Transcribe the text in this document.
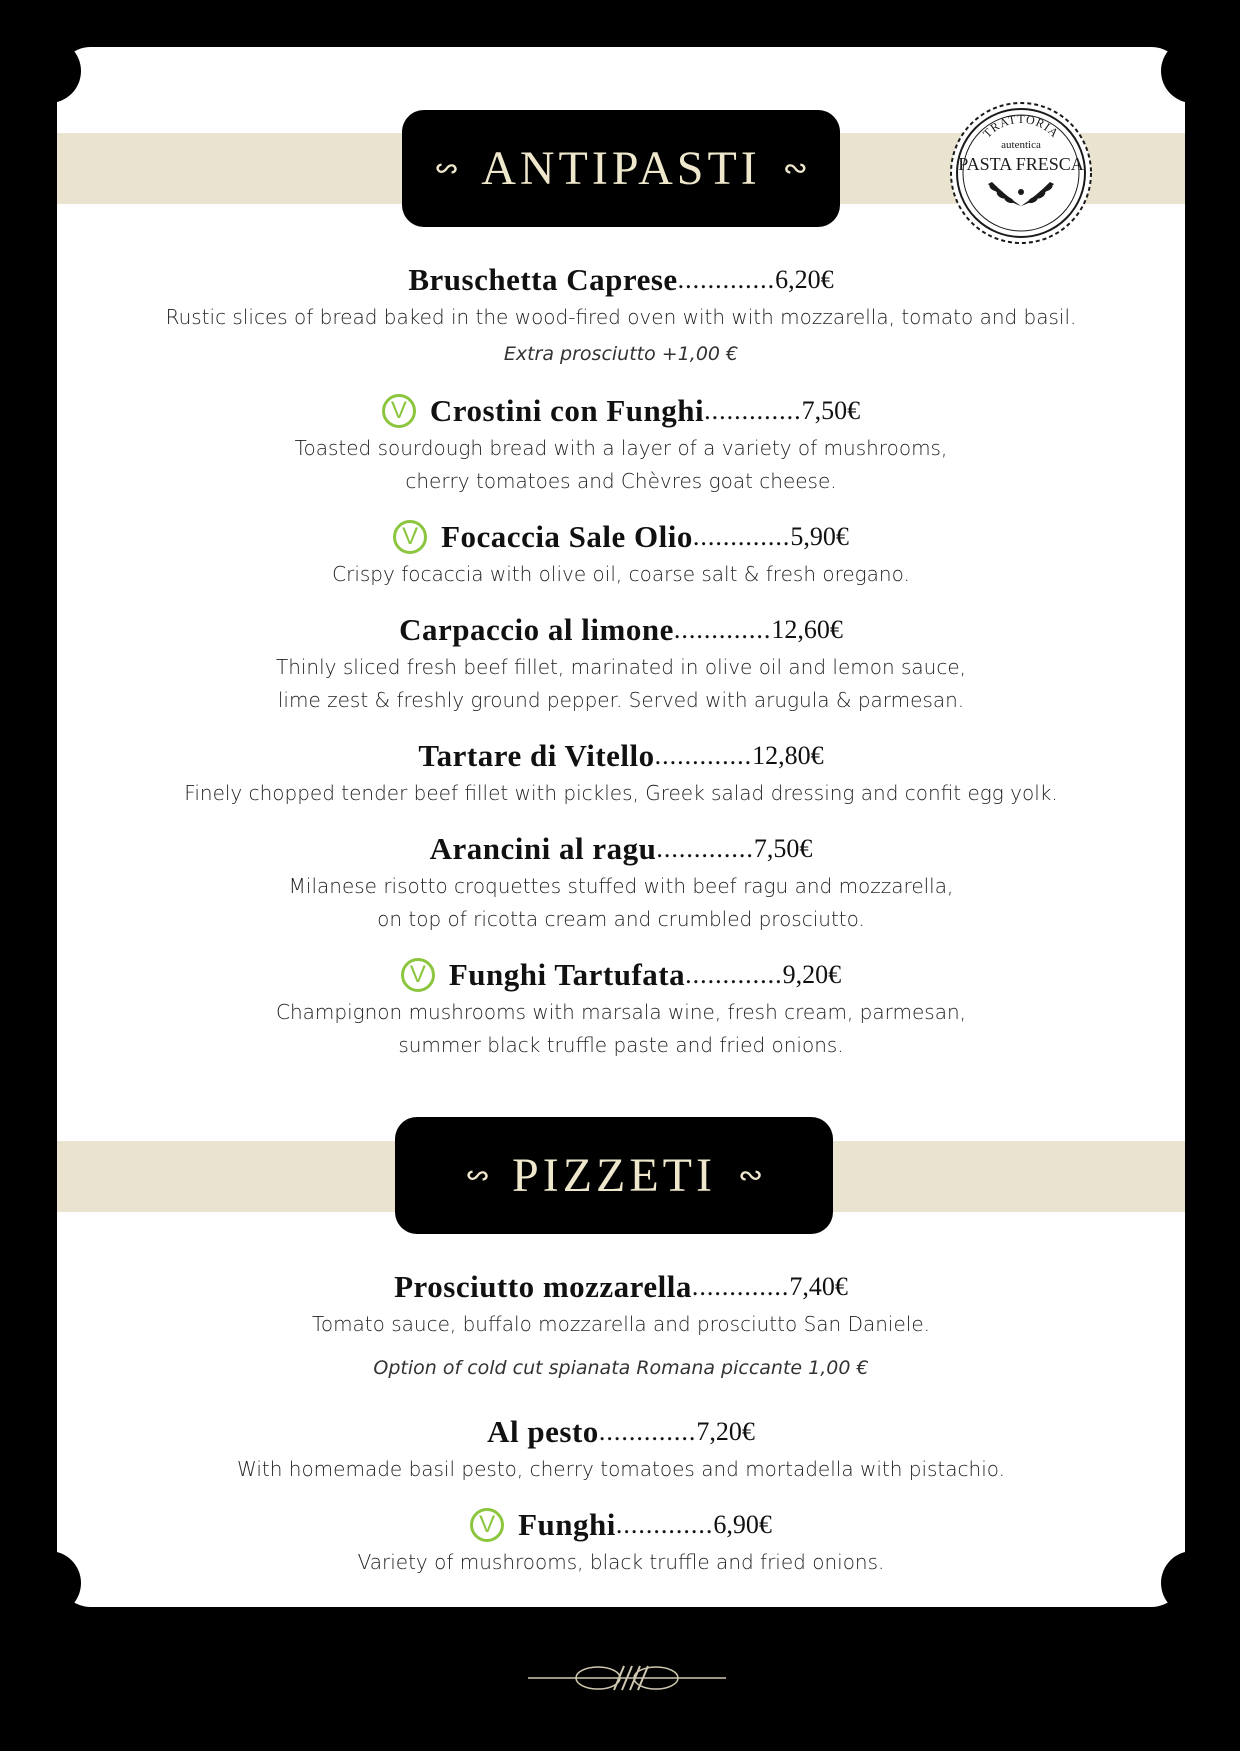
∾ ANTIPASTI ∾
Bruschetta Caprese ............. 6,20€
Rustic slices of bread baked in the wood-fired oven with with mozzarella, tomato and basil.
Extra prosciutto +1,00 €
V Crostini con Funghi ............. 7,50€
Toasted sourdough bread with a layer of a variety of mushrooms,
cherry tomatoes and Chèvres goat cheese.
V Focaccia Sale Olio ............. 5,90€
Crispy focaccia with olive oil, coarse salt & fresh oregano.
Carpaccio al limone ............. 12,60€
Thinly sliced fresh beef fillet, marinated in olive oil and lemon sauce,
lime zest & freshly ground pepper. Served with arugula & parmesan.
Tartare di Vitello ............. 12,80€
Finely chopped tender beef fillet with pickles, Greek salad dressing and confit egg yolk.
Arancini al ragu ............. 7,50€
Milanese risotto croquettes stuffed with beef ragu and mozzarella,
on top of ricotta cream and crumbled prosciutto.
V Funghi Tartufata ............. 9,20€
Champignon mushrooms with marsala wine, fresh cream, parmesan,
summer black truffle paste and fried onions.
∾ PIZZETI ∾
Prosciutto mozzarella ............. 7,40€
Tomato sauce, buffalo mozzarella and prosciutto San Daniele.
Option of cold cut spianata Romana piccante 1,00 €
Al pesto ............. 7,20€
With homemade basil pesto, cherry tomatoes and mortadella with pistachio.
V Funghi ............. 6,90€
Variety of mushrooms, black truffle and fried onions.
TRATTORIA
autentica
PASTA FRESCA
